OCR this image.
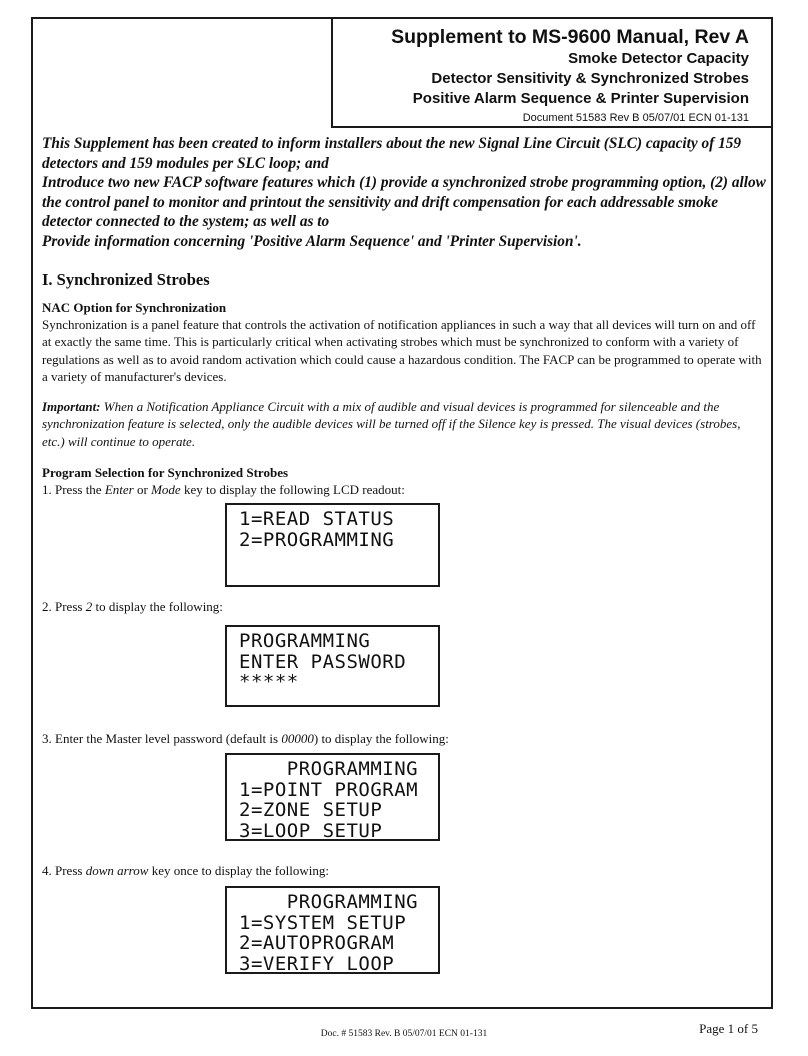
Supplement to MS-9600 Manual, Rev A
Smoke Detector Capacity
Detector Sensitivity & Synchronized Strobes
Positive Alarm Sequence & Printer Supervision
Document 51583 Rev B 05/07/01 ECN 01-131

This Supplement has been created to inform installers about the new Signal Line Circuit (SLC) capacity of 159 detectors and 159 modules per SLC loop; and

Introduce two new FACP software features which (1) provide a synchronized strobe programming option, (2) allow the control panel to monitor and printout the sensitivity and drift compensation for each addressable smoke detector connected to the system; as well as to

Provide information concerning 'Positive Alarm Sequence' and 'Printer Supervision'.

I. Synchronized Strobes
NAC Option for Synchronization

Synchronization is a panel feature that controls the activation of notification appliances in such a way that all devices will turn on and off at exactly the same time. This is particularly critical when activating strobes which must be synchronized to conform with a variety of regulations as well as to avoid random activation which could cause a hazardous condition. The FACP can be programmed to operate with a variety of manufacturer's devices.

Important: When a Notification Appliance Circuit with a mix of audible and visual devices is programmed for silenceable and the synchronization feature is selected, only the audible devices will be turned off if the Silence key is pressed. The visual devices (strobes, etc.) will continue to operate.

Program Selection for Synchronized Strobes

1. Press the Enter or Mode key to display the following LCD readout:

1=READ STATUS
2=PROGRAMMING

2. Press 2 to display the following:

PROGRAMMING
ENTER PASSWORD
*****

3. Enter the Master level password (default is 00000) to display the following:

PROGRAMMING
1=POINT PROGRAM
2=ZONE SETUP
3=LOOP SETUP

4. Press down arrow key once to display the following:

PROGRAMMING
1=SYSTEM SETUP
2=AUTOPROGRAM
3=VERIFY LOOP
Doc. # 51583 Rev. B 05/07/01 ECN 01-131	Page 1 of 5
